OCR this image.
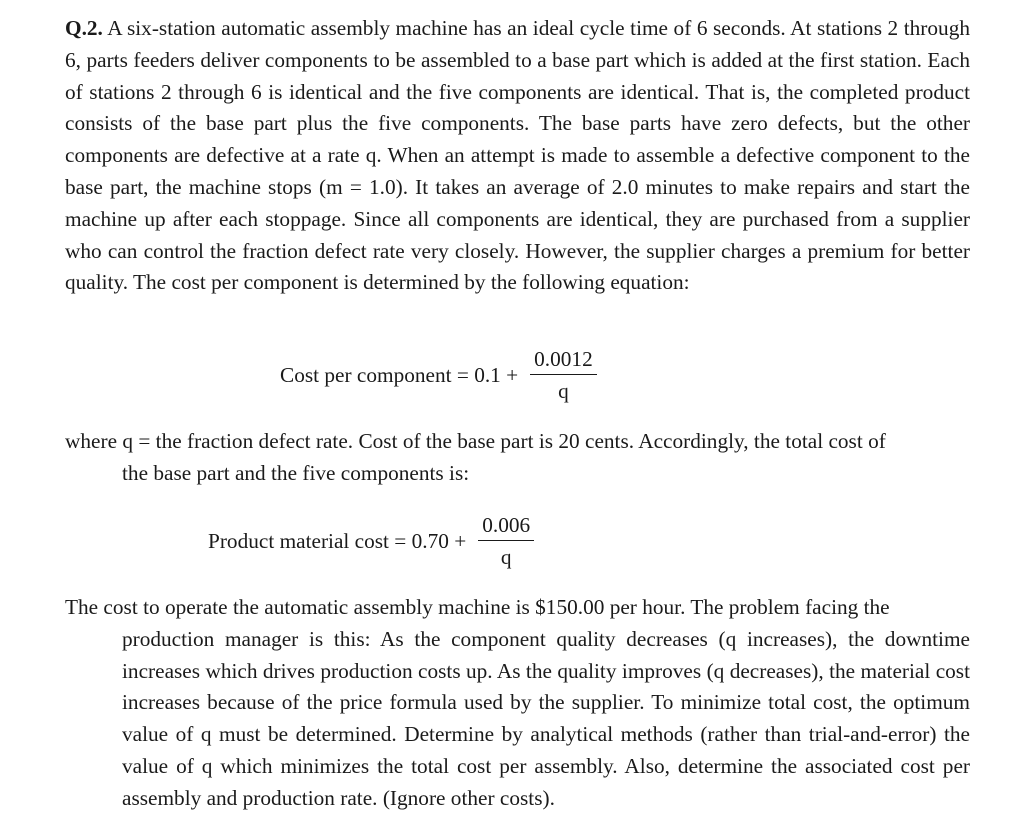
Q.2. A six-station automatic assembly machine has an ideal cycle time of 6 seconds. At stations 2 through 6, parts feeders deliver components to be assembled to a base part which is added at the first station. Each of stations 2 through 6 is identical and the five components are identical. That is, the completed product consists of the base part plus the five components. The base parts have zero defects, but the other components are defective at a rate q. When an attempt is made to assemble a defective component to the base part, the machine stops (m = 1.0). It takes an average of 2.0 minutes to make repairs and start the machine up after each stoppage. Since all components are identical, they are purchased from a supplier who can control the fraction defect rate very closely. However, the supplier charges a premium for better quality. The cost per component is determined by the following equation:

Cost per component = $0.1 + \frac{0.0012}{q}$

where q = the fraction defect rate. Cost of the base part is 20 cents. Accordingly, the total cost of
the base part and the five components is:

Product material $\cos t = 0.70 + \frac{0.006}{q}$

The cost to operate the automatic assembly machine is $150.00 per hour. The problem facing the
production manager is this: As the component quality decreases (q increases), the downtime increases which drives production costs up. As the quality improves (q decreases), the material cost increases because of the price formula used by the supplier. To minimize total cost, the optimum value of q must be determined. Determine by analytical methods (rather than trial-and-error) the value of q which minimizes the total cost per assembly. Also, determine the associated cost per assembly and production rate. (Ignore other costs).
